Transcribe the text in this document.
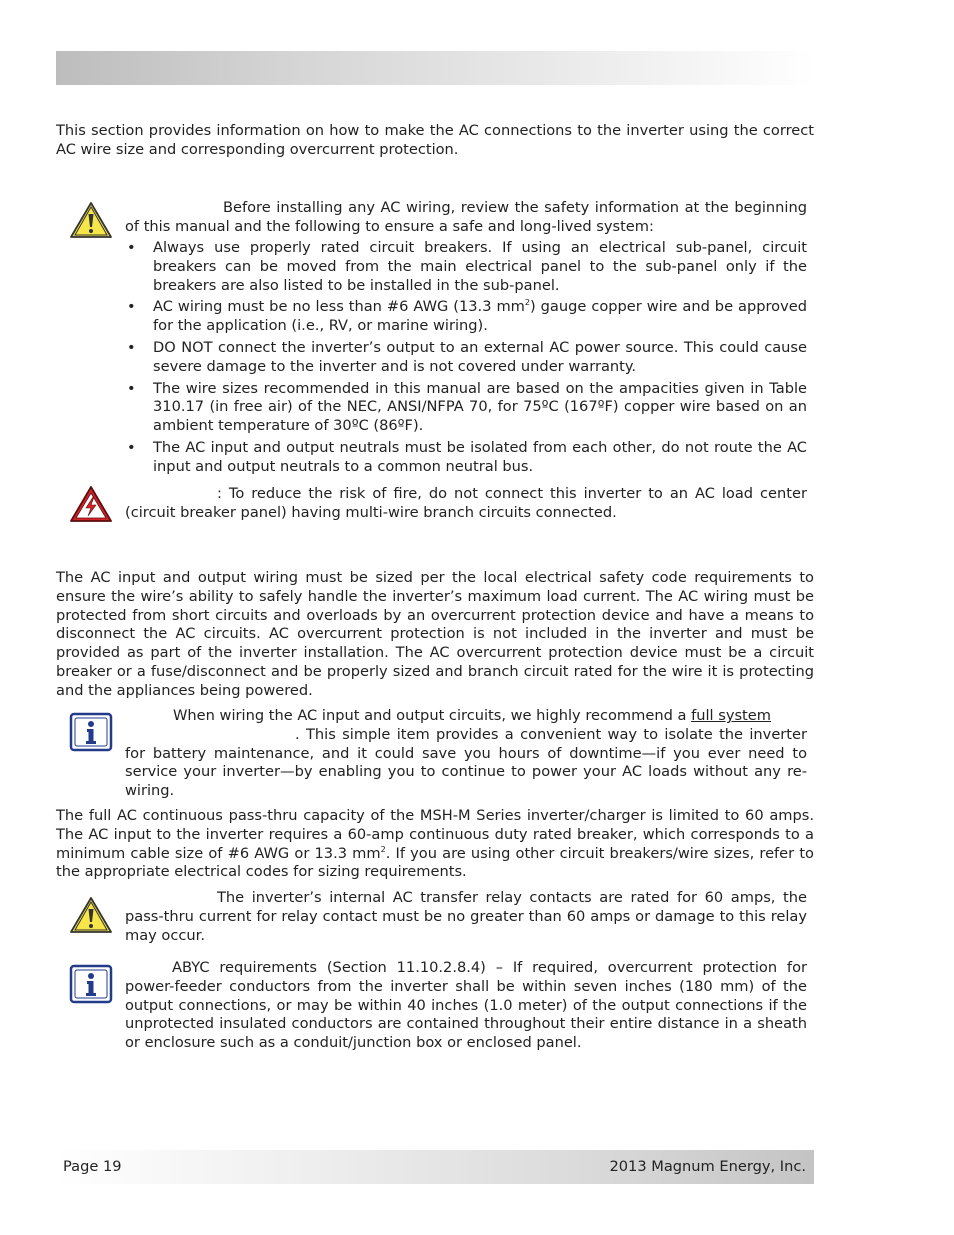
This section provides information on how to make the AC connections to the inverter using the correct AC wire size and corresponding overcurrent protection.

Before installing any AC wiring, review the safety information at the beginning of this manual and the following to ensure a safe and long-lived system:

• Always use properly rated circuit breakers. If using an electrical sub-panel, circuit breakers can be moved from the main electrical panel to the sub-panel only if the breakers are also listed to be installed in the sub-panel.
• AC wiring must be no less than #6 AWG (13.3 $mm^2$) gauge copper wire and be approved for the application (i.e., RV, or marine wiring).
• DO NOT connect the inverter’s output to an external AC power source. This could cause severe damage to the inverter and is not covered under warranty.
• The wire sizes recommended in this manual are based on the ampacities given in Table 310.17 (in free air) of the NEC, ANSI/NFPA 70, for 75ºC (167ºF) copper wire based on an ambient temperature of 30ºC (86ºF).
• The AC input and output neutrals must be isolated from each other, do not route the AC input and output neutrals to a common neutral bus.

: To reduce the risk of fire, do not connect this inverter to an AC load center (circuit breaker panel) having multi-wire branch circuits connected.

The AC input and output wiring must be sized per the local electrical safety code requirements to ensure the wire’s ability to safely handle the inverter’s maximum load current. The AC wiring must be protected from short circuits and overloads by an overcurrent protection device and have a means to disconnect the AC circuits. AC overcurrent protection is not included in the inverter and must be provided as part of the inverter installation. The AC overcurrent protection device must be a circuit breaker or a fuse/disconnect and be properly sized and branch circuit rated for the wire it is protecting and the appliances being powered.

When wiring the AC input and output circuits, we highly recommend a full system
. This simple item provides a convenient way to isolate the inverter for battery maintenance, and it could save you hours of downtime—if you ever need to service your inverter—by enabling you to continue to power your AC loads without any re-wiring.

The full AC continuous pass-thru capacity of the MSH-M Series inverter/charger is limited to 60 amps. The AC input to the inverter requires a 60-amp continuous duty rated breaker, which corresponds to a minimum cable size of #6 AWG or 13.3 $mm^2$. If you are using other circuit breakers/wire sizes, refer to the appropriate electrical codes for sizing requirements.

The inverter’s internal AC transfer relay contacts are rated for 60 amps, the pass-thru current for relay contact must be no greater than 60 amps or damage to this relay may occur.

ABYC requirements (Section 11.10.2.8.4) – If required, overcurrent protection for power-feeder conductors from the inverter shall be within seven inches (180 mm) of the output connections, or may be within 40 inches (1.0 meter) of the output connections if the unprotected insulated conductors are contained throughout their entire distance in a sheath or enclosure such as a conduit/junction box or enclosed panel.

Page 19	2013 Magnum Energy, Inc.
